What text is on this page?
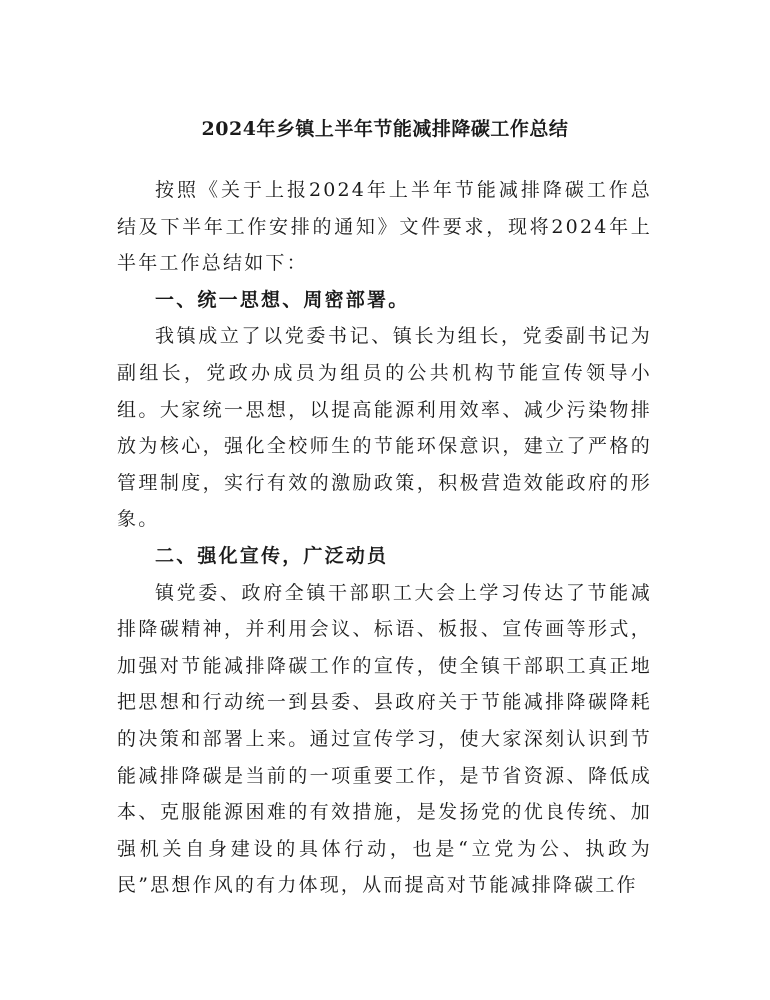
2024年乡镇上半年节能减排降碳工作总结

按照《关于上报2024年上半年节能减排降碳工作总结及下半年工作安排的通知》文件要求，现将2024年上半年工作总结如下：

一、统一思想、周密部署。

我镇成立了以党委书记、镇长为组长，党委副书记为副组长，党政办成员为组员的公共机构节能宣传领导小组。大家统一思想，以提高能源利用效率、减少污染物排放为核心，强化全校师生的节能环保意识，建立了严格的管理制度，实行有效的激励政策，积极营造效能政府的形象。

二、强化宣传，广泛动员

镇党委、政府全镇干部职工大会上学习传达了节能减排降碳精神，并利用会议、标语、板报、宣传画等形式，加强对节能减排降碳工作的宣传，使全镇干部职工真正地把思想和行动统一到县委、县政府关于节能减排降碳降耗的决策和部署上来。通过宣传学习，使大家深刻认识到节能减排降碳是当前的一项重要工作，是节省资源、降低成本、克服能源困难的有效措施，是发扬党的优良传统、加强机关自身建设的具体行动，也是“立党为公、执政为民”思想作风的有力体现，从而提高对节能减排降碳工作
